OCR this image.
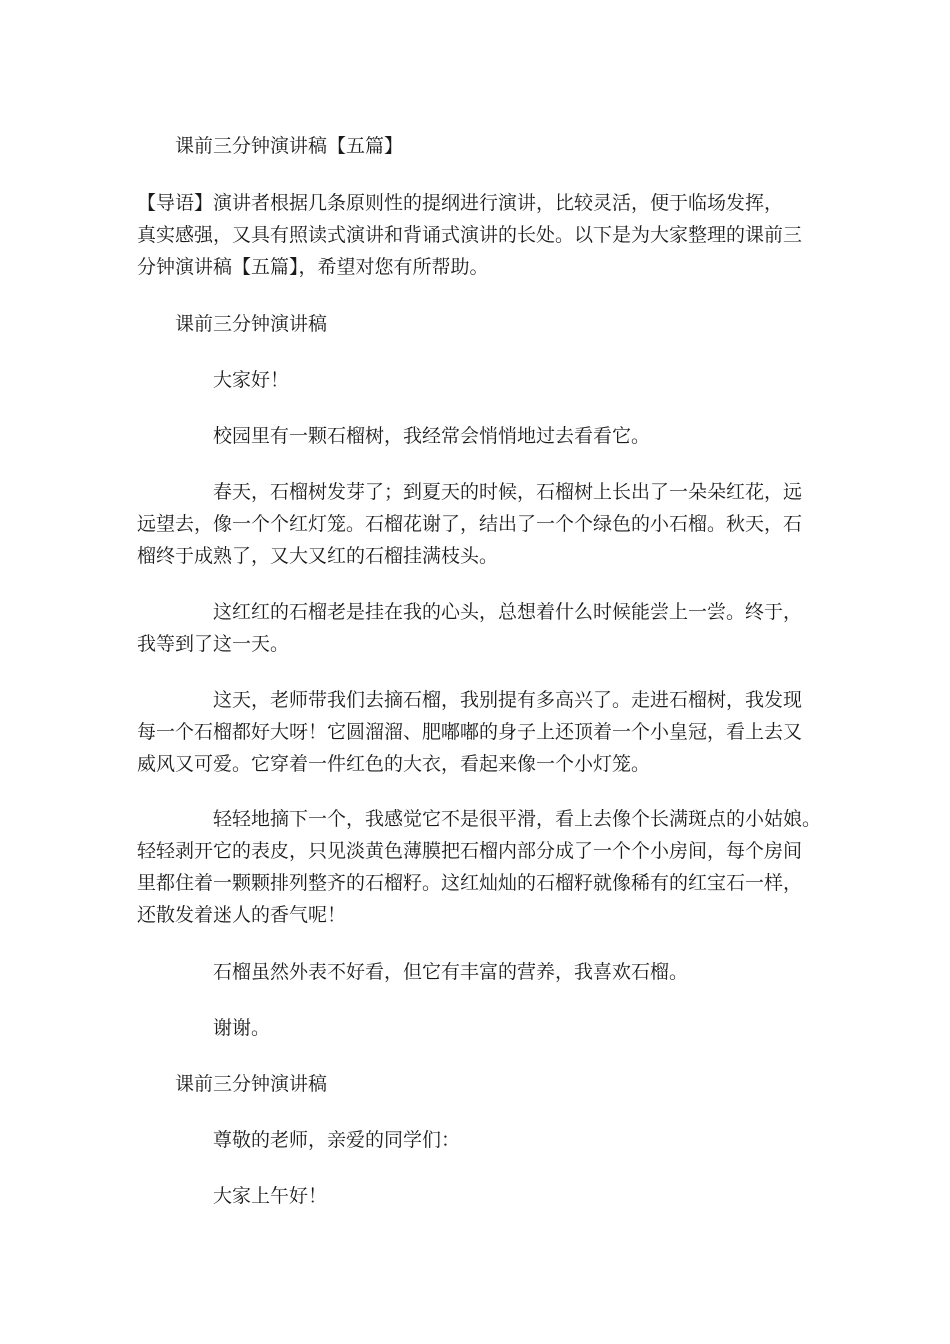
课前三分钟演讲稿【五篇】

【导语】演讲者根据几条原则性的提纲进行演讲，比较灵活，便于临场发挥，
真实感强，又具有照读式演讲和背诵式演讲的长处。以下是为大家整理的课前三
分钟演讲稿【五篇】，希望对您有所帮助。

课前三分钟演讲稿

大家好！

校园里有一颗石榴树，我经常会悄悄地过去看看它。

春天，石榴树发芽了；到夏天的时候，石榴树上长出了一朵朵红花，远
远望去，像一个个红灯笼。石榴花谢了，结出了一个个绿色的小石榴。秋天，石
榴终于成熟了，又大又红的石榴挂满枝头。
这红红的石榴老是挂在我的心头，总想着什么时候能尝上一尝。终于，
我等到了这一天。
这天，老师带我们去摘石榴，我别提有多高兴了。走进石榴树，我发现
每一个石榴都好大呀！它圆溜溜、肥嘟嘟的身子上还顶着一个小皇冠，看上去又
威风又可爱。它穿着一件红色的大衣，看起来像一个小灯笼。
轻轻地摘下一个，我感觉它不是很平滑，看上去像个长满斑点的小姑娘。
轻轻剥开它的表皮，只见淡黄色薄膜把石榴内部分成了一个个小房间，每个房间
里都住着一颗颗排列整齐的石榴籽。这红灿灿的石榴籽就像稀有的红宝石一样，
还散发着迷人的香气呢！

石榴虽然外表不好看，但它有丰富的营养，我喜欢石榴。

谢谢。

课前三分钟演讲稿

尊敬的老师，亲爱的同学们：

大家上午好！
